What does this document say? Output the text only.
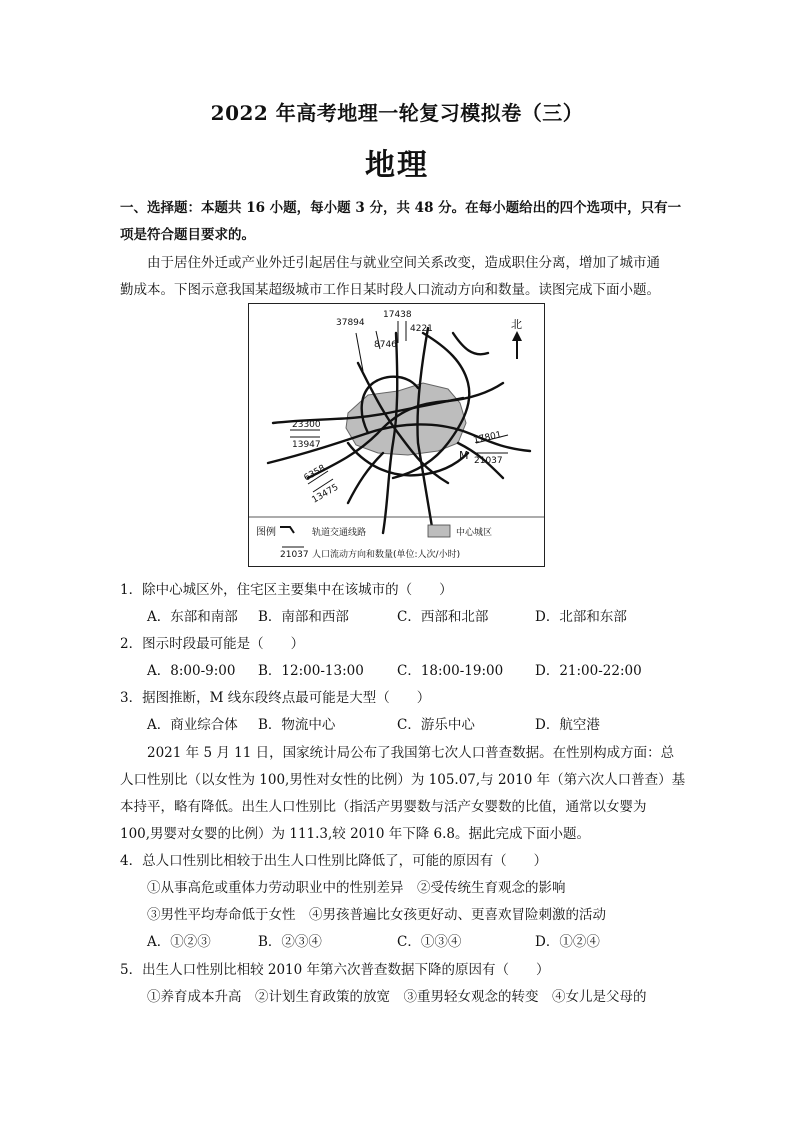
2022 年高考地理一轮复习模拟卷（三）
地理
一、选择题：本题共 16 小题，每小题 3 分，共 48 分。在每小题给出的四个选项中，只有一
项是符合题目要求的。
由于居住外迁或产业外迁引起居住与就业空间关系改变，造成职住分离，增加了城市通
勤成本。下图示意我国某超级城市工作日某时段人口流动方向和数量。读图完成下面小题。
37894
17438
4221
8746
23300
13947
6358
13475
17801
21037
M
北
图例	轨道交通线路	中心城区
21037 人口流动方向和数量(单位:人次/小时)
1．除中心城区外，住宅区主要集中在该城市的（　　）
A．东部和南部 B．南部和西部	C．西部和北部	D．北部和东部
2．图示时段最可能是（　　）
A．8:00-9:00 B．12:00-13:00 C．18:00-19:00 D．21:00-22:00
3．据图推断，M 线东段终点最可能是大型（　　）
A．商业综合体 B．物流中心	C．游乐中心	D．航空港
2021 年 5 月 11 日，国家统计局公布了我国第七次人口普查数据。在性别构成方面：总
人口性别比（以女性为 100,男性对女性的比例）为 105.07,与 2010 年（第六次人口普查）基
本持平，略有降低。出生人口性别比（指活产男婴数与活产女婴数的比值，通常以女婴为
100,男婴对女婴的比例）为 111.3,较 2010 年下降 6.8。据此完成下面小题。
4．总人口性别比相较于出生人口性别比降低了，可能的原因有（　　）
①从事高危或重体力劳动职业中的性别差异　②受传统生育观念的影响
③男性平均寿命低于女性　④男孩普遍比女孩更好动、更喜欢冒险刺激的活动
A．①②③	B．②③④	C．①③④	D．①②④
5．出生人口性别比相较 2010 年第六次普查数据下降的原因有（　　）
①养育成本升高　②计划生育政策的放宽　③重男轻女观念的转变　④女儿是父母的
